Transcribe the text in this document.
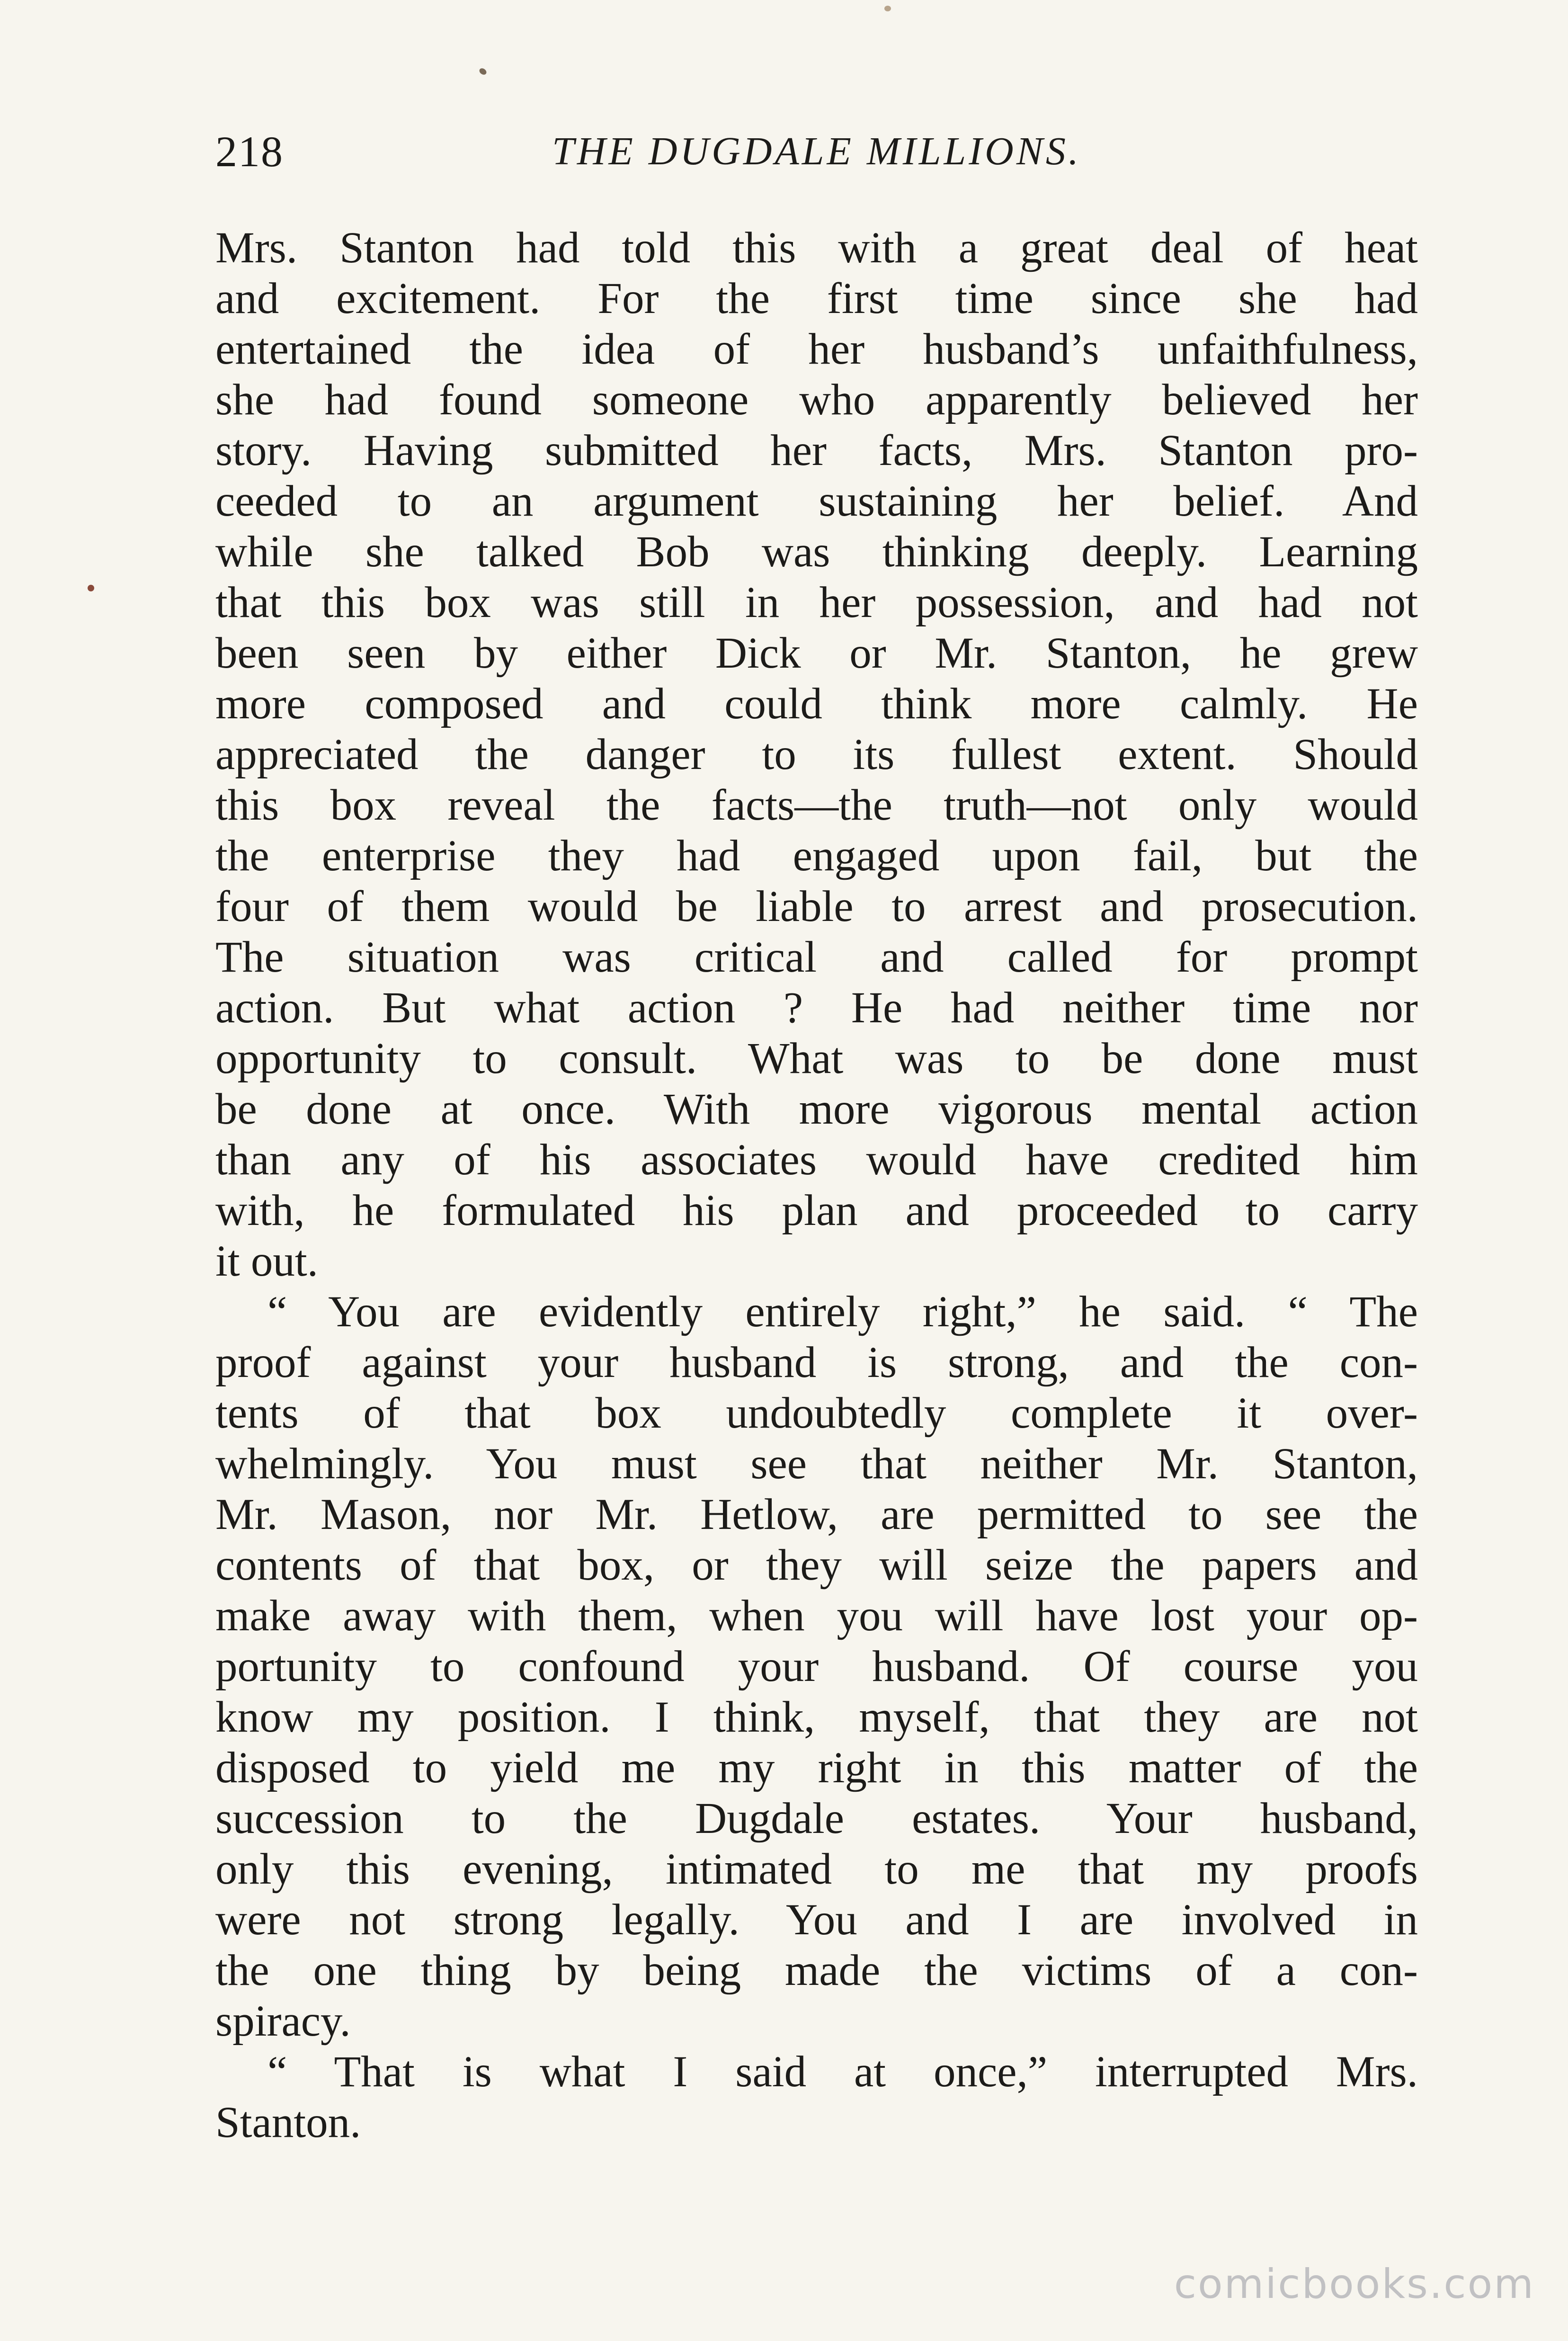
218	THE DUGDALE MILLIONS.
Mrs. Stanton had told this with a great deal of heat
and excitement. For the first time since she had
entertained the idea of her husband’s unfaithfulness,
she had found someone who apparently believed her
story. Having submitted her facts, Mrs. Stanton pro-
ceeded to an argument sustaining her belief. And
while she talked Bob was thinking deeply. Learning
that this box was still in her possession, and had not
been seen by either Dick or Mr. Stanton, he grew
more composed and could think more calmly. He
appreciated the danger to its fullest extent. Should
this box reveal the facts—the truth—not only would
the enterprise they had engaged upon fail, but the
four of them would be liable to arrest and prosecution.
The situation was critical and called for prompt
action. But what action ? He had neither time nor
opportunity to consult. What was to be done must
be done at once. With more vigorous mental action
than any of his associates would have credited him
with, he formulated his plan and proceeded to carry
it out.
“ You are evidently entirely right,” he said. “ The
proof against your husband is strong, and the con-
tents of that box undoubtedly complete it over-
whelmingly. You must see that neither Mr. Stanton,
Mr. Mason, nor Mr. Hetlow, are permitted to see the
contents of that box, or they will seize the papers and
make away with them, when you will have lost your op-
portunity to confound your husband. Of course you
know my position. I think, myself, that they are not
disposed to yield me my right in this matter of the
succession to the Dugdale estates. Your husband,
only this evening, intimated to me that my proofs
were not strong legally. You and I are involved in
the one thing by being made the victims of a con-
spiracy.
“ That is what I said at once,” interrupted Mrs.
Stanton.
comicbooks.com
